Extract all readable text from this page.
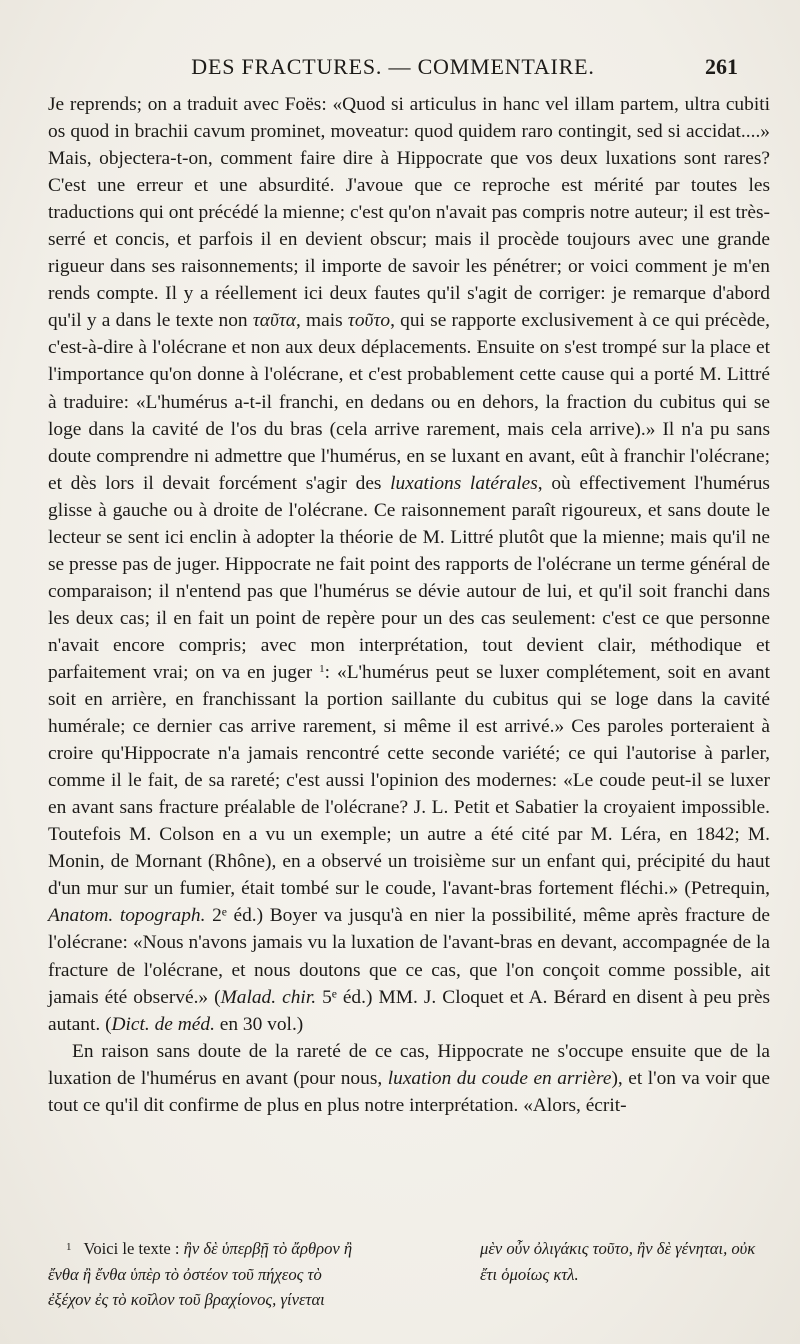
DES FRACTURES. — COMMENTAIRE.	261

Je reprends; on a traduit avec Foës: «Quod si articulus in hanc vel illam partem, ultra cubiti os quod in brachii cavum prominet, moveatur: quod quidem raro contingit, sed si accidat....» Mais, objectera-t-on, comment faire dire à Hippocrate que vos deux luxations sont rares? C'est une erreur et une absurdité. J'avoue que ce reproche est mérité par toutes les traductions qui ont précédé la mienne; c'est qu'on n'avait pas compris notre auteur; il est très-serré et concis, et parfois il en devient obscur; mais il procède toujours avec une grande rigueur dans ses raisonnements; il importe de savoir les pénétrer; or voici comment je m'en rends compte. Il y a réellement ici deux fautes qu'il s'agit de corriger: je remarque d'abord qu'il y a dans le texte non ταῦτα, mais τοῦτο, qui se rapporte exclusivement à ce qui précède, c'est-à-dire à l'olécrane et non aux deux déplacements. Ensuite on s'est trompé sur la place et l'importance qu'on donne à l'olécrane, et c'est probablement cette cause qui a porté M. Littré à traduire: «L'humérus a-t-il franchi, en dedans ou en dehors, la fraction du cubitus qui se loge dans la cavité de l'os du bras (cela arrive rarement, mais cela arrive).» Il n'a pu sans doute comprendre ni admettre que l'humérus, en se luxant en avant, eût à franchir l'olécrane; et dès lors il devait forcément s'agir des luxations latérales, où effectivement l'humérus glisse à gauche ou à droite de l'olécrane. Ce raisonnement paraît rigoureux, et sans doute le lecteur se sent ici enclin à adopter la théorie de M. Littré plutôt que la mienne; mais qu'il ne se presse pas de juger. Hippocrate ne fait point des rapports de l'olécrane un terme général de comparaison; il n'entend pas que l'humérus se dévie autour de lui, et qu'il soit franchi dans les deux cas; il en fait un point de repère pour un des cas seulement: c'est ce que personne n'avait encore compris; avec mon interprétation, tout devient clair, méthodique et parfaitement vrai; on va en juger $^1$: «L'humérus peut se luxer complétement, soit en avant soit en arrière, en franchissant la portion saillante du cubitus qui se loge dans la cavité humérale; ce dernier cas arrive rarement, si même il est arrivé.» Ces paroles porteraient à croire qu'Hippocrate n'a jamais rencontré cette seconde variété; ce qui l'autorise à parler, comme il le fait, de sa rareté; c'est aussi l'opinion des modernes: «Le coude peut-il se luxer en avant sans fracture préalable de l'olécrane? J. L. Petit et Sabatier la croyaient impossible. Toutefois M. Colson en a vu un exemple; un autre a été cité par M. Léra, en 1842; M. Monin, de Mornant (Rhône), en a observé un troisième sur un enfant qui, précipité du haut d'un mur sur un fumier, était tombé sur le coude, l'avant-bras fortement fléchi.» (Petrequin, Anatom. topograph. 2ᵉ éd.) Boyer va jusqu'à en nier la possibilité, même après fracture de l'olécrane: «Nous n'avons jamais vu la luxation de l'avant-bras en devant, accompagnée de la fracture de l'olécrane, et nous doutons que ce cas, que l'on conçoit comme possible, ait jamais été observé.» (Malad. chir. 5ᵉ éd.) MM. J. Cloquet et A. Bérard en disent à peu près autant. (Dict. de méd. en 30 vol.)

En raison sans doute de la rareté de ce cas, Hippocrate ne s'occupe ensuite que de la luxation de l'humérus en avant (pour nous, luxation du coude en arrière), et l'on va voir que tout ce qu'il dit confirme de plus en plus notre interprétation. «Alors, écrit-

$^1$ Voici le texte : ἢν δὲ ὑπερβῇ τὸ ἄρθρον ἢ
ἔνθα ἢ ἔνθα ὑπὲρ τὸ ὀστέον τοῦ πήχεος τὸ
ἐξέχον ἐς τὸ κοῖλον τοῦ βραχίονος, γίνεται
μὲν οὖν ὀλιγάκις τοῦτο, ἢν δὲ γένηται, οὐκ
ἔτι ὁμοίως κτλ.
